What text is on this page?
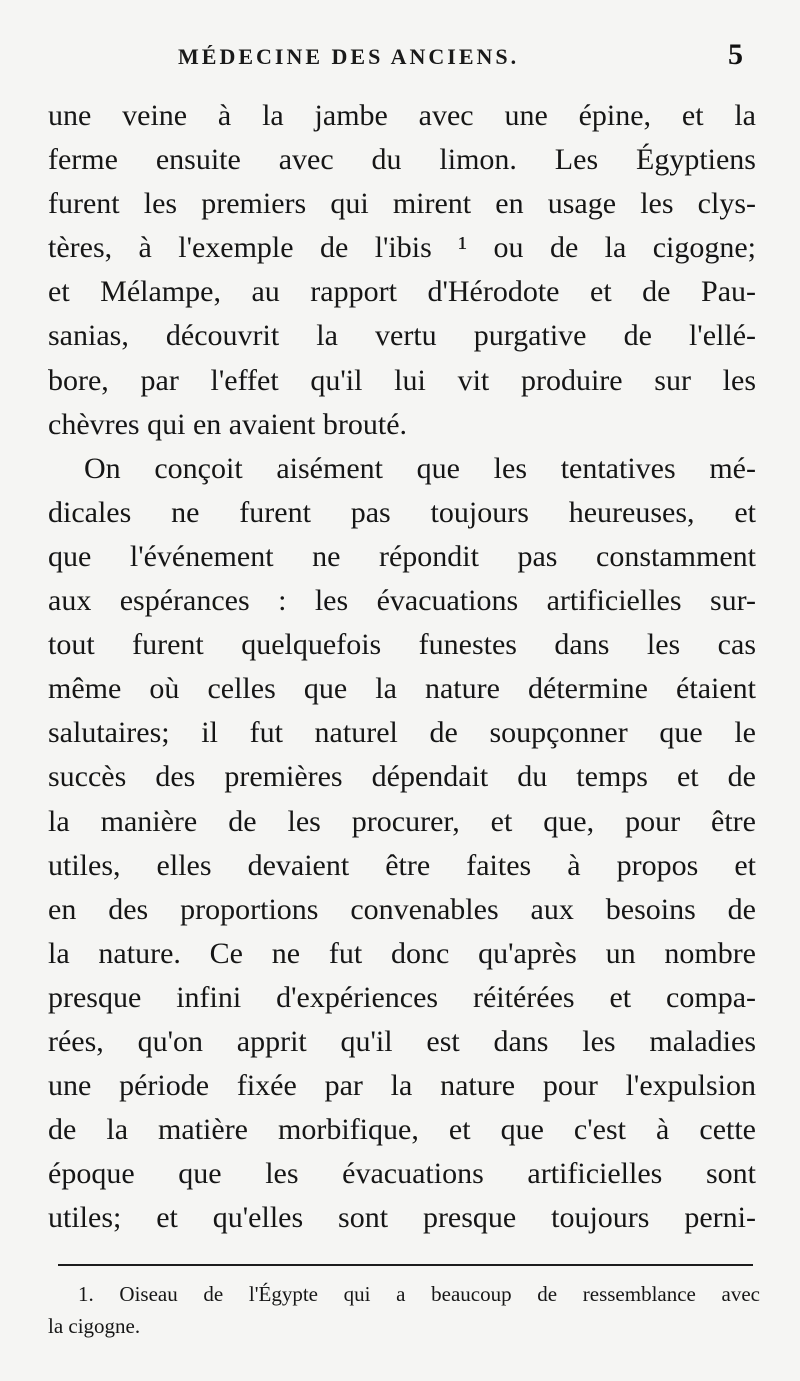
MÉDECINE DES ANCIENS.	5
une veine à la jambe avec une épine, et la
ferme ensuite avec du limon. Les Égyptiens
furent les premiers qui mirent en usage les clys-
tères, à l'exemple de l'ibis ¹ ou de la cigogne;
et Mélampe, au rapport d'Hérodote et de Pau-
sanias, découvrit la vertu purgative de l'ellé-
bore, par l'effet qu'il lui vit produire sur les
chèvres qui en avaient brouté.
On conçoit aisément que les tentatives mé-
dicales ne furent pas toujours heureuses, et
que l'événement ne répondit pas constamment
aux espérances : les évacuations artificielles sur-
tout furent quelquefois funestes dans les cas
même où celles que la nature détermine étaient
salutaires; il fut naturel de soupçonner que le
succès des premières dépendait du temps et de
la manière de les procurer, et que, pour être
utiles, elles devaient être faites à propos et
en des proportions convenables aux besoins de
la nature. Ce ne fut donc qu'après un nombre
presque infini d'expériences réitérées et compa-
rées, qu'on apprit qu'il est dans les maladies
une période fixée par la nature pour l'expulsion
de la matière morbifique, et que c'est à cette
époque que les évacuations artificielles sont
utiles; et qu'elles sont presque toujours perni-
1. Oiseau de l'Égypte qui a beaucoup de ressemblance avec
la cigogne.
